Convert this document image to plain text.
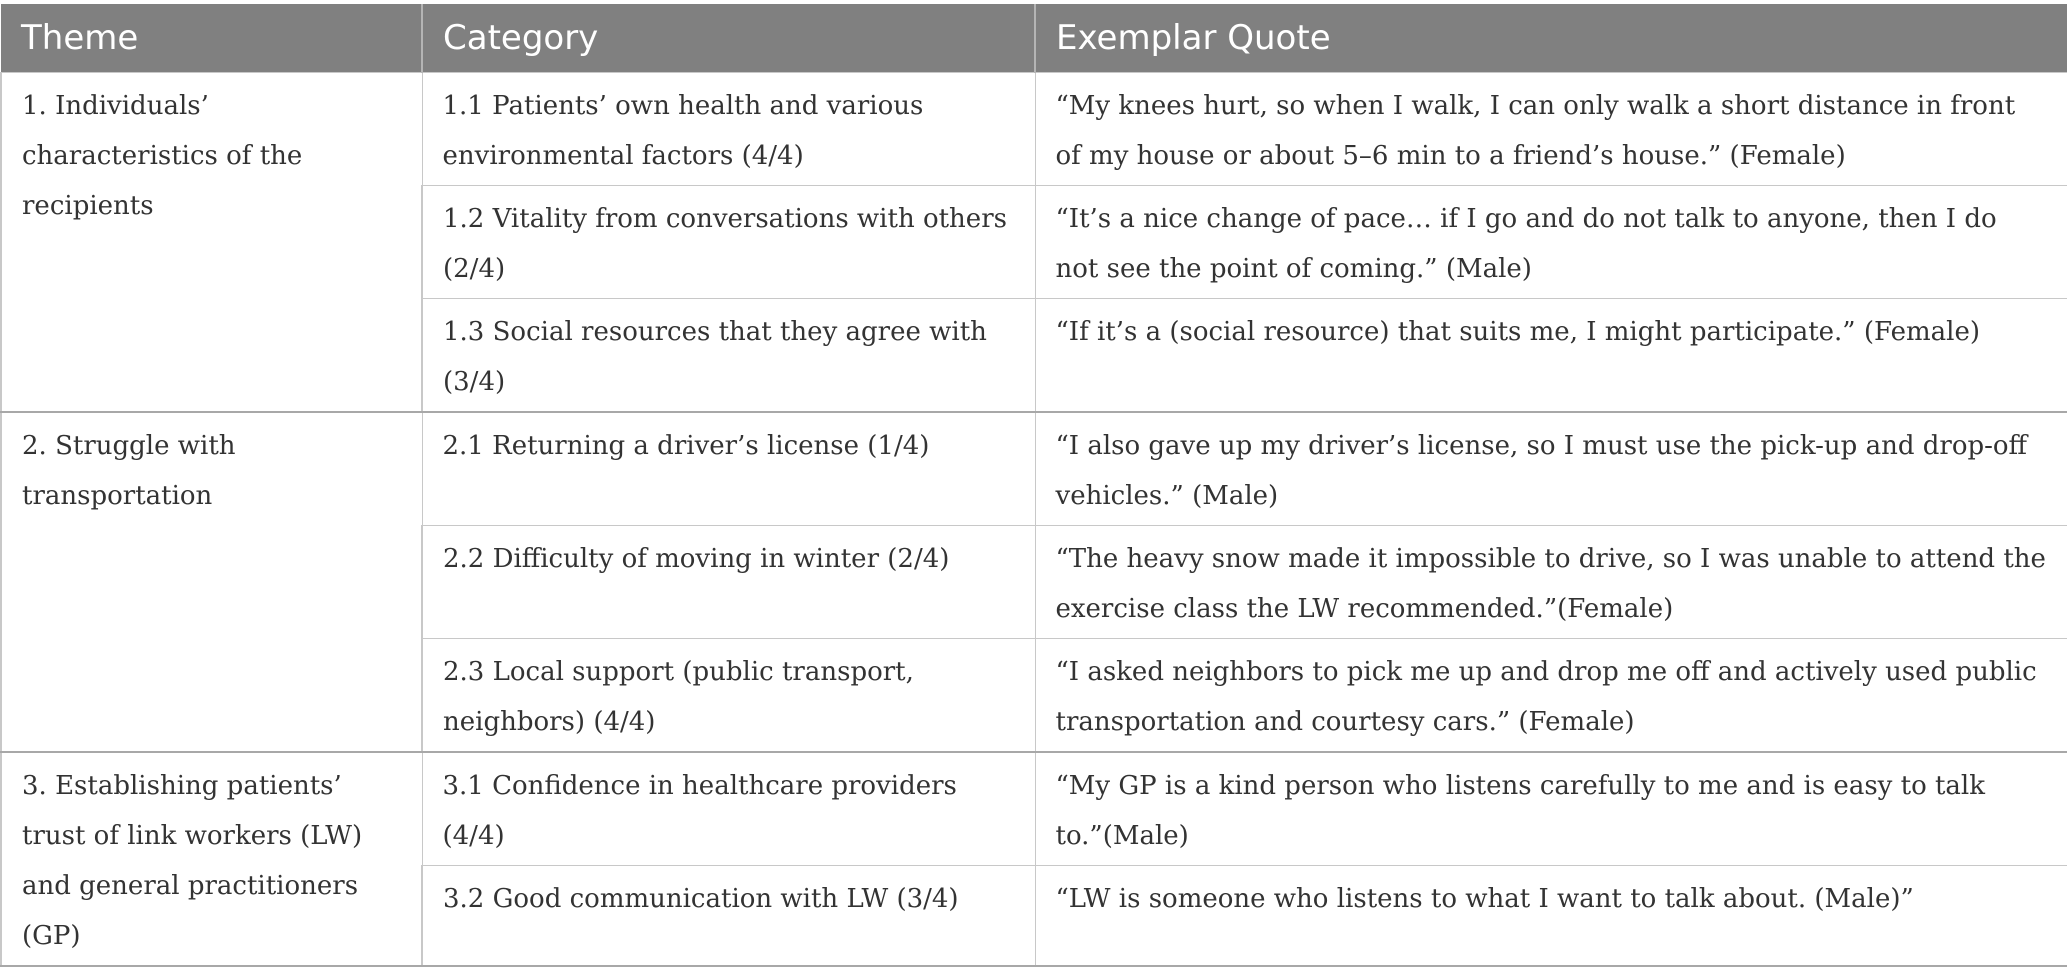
Theme	Category	Exemplar Quote
1. Individuals’ characteristics of the recipients	1.1 Patients’ own health and various environmental factors (4/4)	“My knees hurt, so when I walk, I can only walk a short distance in front of my house or about 5–6 min to a friend’s house.” (Female)
	1.2 Vitality from conversations with others (2/4)	“It’s a nice change of pace… if I go and do not talk to anyone, then I do not see the point of coming.” (Male)
	1.3 Social resources that they agree with (3/4)	“If it’s a (social resource) that suits me, I might participate.” (Female)
2. Struggle with transportation	2.1 Returning a driver’s license (1/4)	“I also gave up my driver’s license, so I must use the pick-up and drop-off vehicles.” (Male)
	2.2 Difficulty of moving in winter (2/4)	“The heavy snow made it impossible to drive, so I was unable to attend the exercise class the LW recommended.”(Female)
	2.3 Local support (public transport, neighbors) (4/4)	“I asked neighbors to pick me up and drop me off and actively used public transportation and courtesy cars.” (Female)
3. Establishing patients’ trust of link workers (LW) and general practitioners (GP)	3.1 Confidence in healthcare providers (4/4)	“My GP is a kind person who listens carefully to me and is easy to talk to.”(Male)
	3.2 Good communication with LW (3/4)	“LW is someone who listens to what I want to talk about. (Male)”
